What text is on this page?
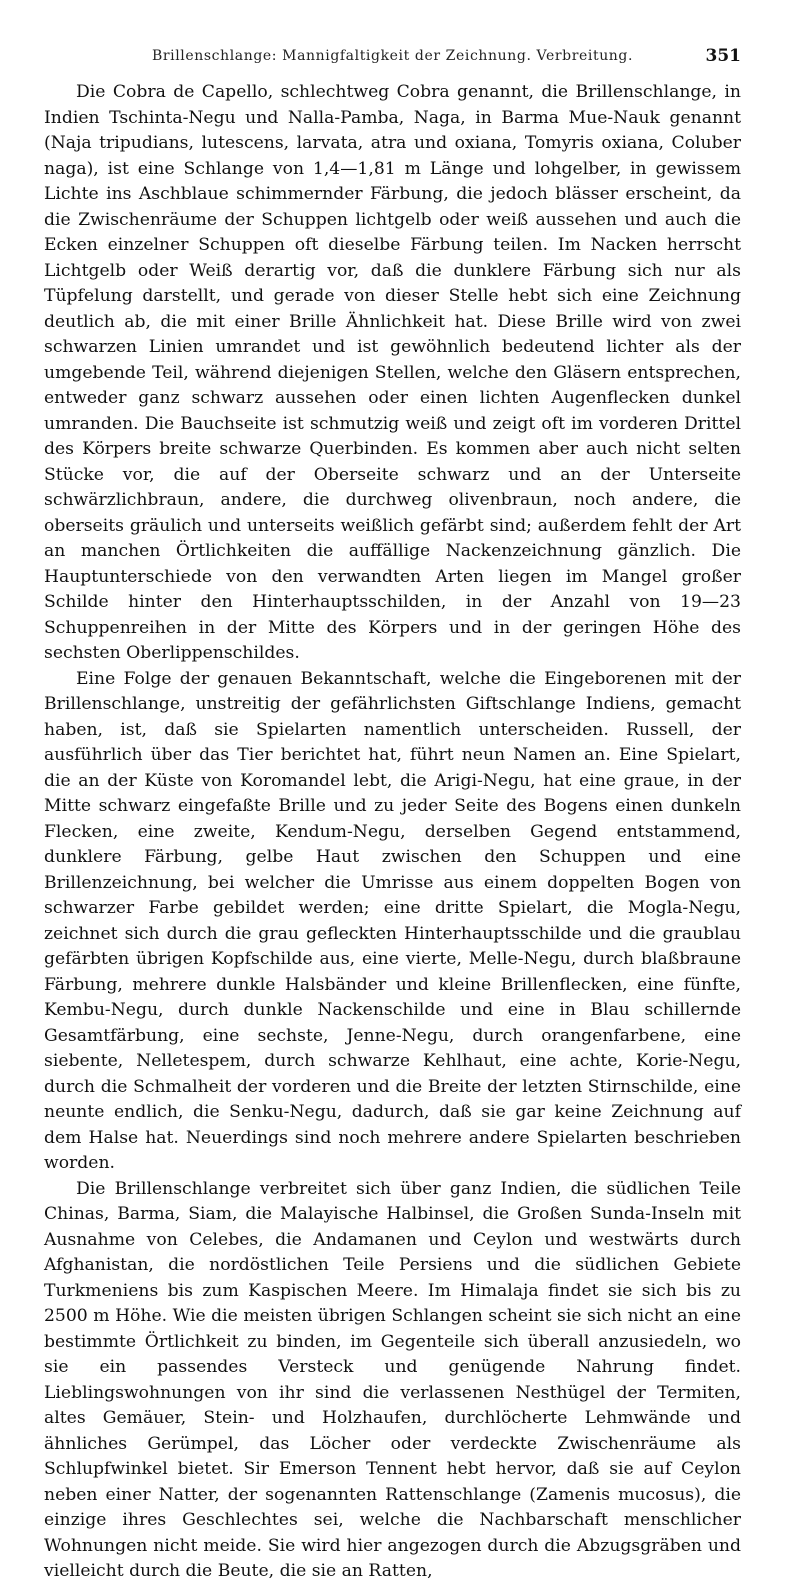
Brillenschlange: Mannigfaltigkeit der Zeichnung. Verbreitung.	351

Die Cobra de Capello, schlechtweg Cobra genannt, die Brillenschlange, in Indien Tschinta-Negu und Nalla-Pamba, Naga, in Barma Mue-Nauk genannt (Naja tripudians, lutescens, larvata, atra und oxiana, Tomyris oxiana, Coluber naga), ist eine Schlange von 1,4—1,81 m Länge und lohgelber, in gewissem Lichte ins Aschblaue schimmernder Färbung, die jedoch blässer erscheint, da die Zwischenräume der Schuppen lichtgelb oder weiß aussehen und auch die Ecken einzelner Schuppen oft dieselbe Färbung teilen. Im Nacken herrscht Lichtgelb oder Weiß derartig vor, daß die dunklere Färbung sich nur als Tüpfelung darstellt, und gerade von dieser Stelle hebt sich eine Zeichnung deutlich ab, die mit einer Brille Ähnlichkeit hat. Diese Brille wird von zwei schwarzen Linien umrandet und ist gewöhnlich bedeutend lichter als der umgebende Teil, während diejenigen Stellen, welche den Gläsern entsprechen, entweder ganz schwarz aussehen oder einen lichten Augenflecken dunkel umranden. Die Bauchseite ist schmutzig weiß und zeigt oft im vorderen Drittel des Körpers breite schwarze Querbinden. Es kommen aber auch nicht selten Stücke vor, die auf der Oberseite schwarz und an der Unterseite schwärzlichbraun, andere, die durchweg olivenbraun, noch andere, die oberseits gräulich und unterseits weißlich gefärbt sind; außerdem fehlt der Art an manchen Örtlichkeiten die auffällige Nackenzeichnung gänzlich. Die Hauptunterschiede von den verwandten Arten liegen im Mangel großer Schilde hinter den Hinterhauptsschilden, in der Anzahl von 19—23 Schuppenreihen in der Mitte des Körpers und in der geringen Höhe des sechsten Oberlippenschildes.

Eine Folge der genauen Bekanntschaft, welche die Eingeborenen mit der Brillenschlange, unstreitig der gefährlichsten Giftschlange Indiens, gemacht haben, ist, daß sie Spielarten namentlich unterscheiden. Russell, der ausführlich über das Tier berichtet hat, führt neun Namen an. Eine Spielart, die an der Küste von Koromandel lebt, die Arigi-Negu, hat eine graue, in der Mitte schwarz eingefaßte Brille und zu jeder Seite des Bogens einen dunkeln Flecken, eine zweite, Kendum-Negu, derselben Gegend entstammend, dunklere Färbung, gelbe Haut zwischen den Schuppen und eine Brillenzeichnung, bei welcher die Umrisse aus einem doppelten Bogen von schwarzer Farbe gebildet werden; eine dritte Spielart, die Mogla-Negu, zeichnet sich durch die grau gefleckten Hinterhauptsschilde und die graublau gefärbten übrigen Kopfschilde aus, eine vierte, Melle-Negu, durch blaßbraune Färbung, mehrere dunkle Halsbänder und kleine Brillenflecken, eine fünfte, Kembu-Negu, durch dunkle Nackenschilde und eine in Blau schillernde Gesamtfärbung, eine sechste, Jenne-Negu, durch orangenfarbene, eine siebente, Nelletespem, durch schwarze Kehlhaut, eine achte, Korie-Negu, durch die Schmalheit der vorderen und die Breite der letzten Stirnschilde, eine neunte endlich, die Senku-Negu, dadurch, daß sie gar keine Zeichnung auf dem Halse hat. Neuerdings sind noch mehrere andere Spielarten beschrieben worden.

Die Brillenschlange verbreitet sich über ganz Indien, die südlichen Teile Chinas, Barma, Siam, die Malayische Halbinsel, die Großen Sunda-Inseln mit Ausnahme von Celebes, die Andamanen und Ceylon und westwärts durch Afghanistan, die nordöstlichen Teile Persiens und die südlichen Gebiete Turkmeniens bis zum Kaspischen Meere. Im Himalaja findet sie sich bis zu 2500 m Höhe. Wie die meisten übrigen Schlangen scheint sie sich nicht an eine bestimmte Örtlichkeit zu binden, im Gegenteile sich überall anzusiedeln, wo sie ein passendes Versteck und genügende Nahrung findet. Lieblingswohnungen von ihr sind die verlassenen Nesthügel der Termiten, altes Gemäuer, Stein- und Holzhaufen, durchlöcherte Lehmwände und ähnliches Gerümpel, das Löcher oder verdeckte Zwischenräume als Schlupfwinkel bietet. Sir Emerson Tennent hebt hervor, daß sie auf Ceylon neben einer Natter, der sogenannten Rattenschlange (Zamenis mucosus), die einzige ihres Geschlechtes sei, welche die Nachbarschaft menschlicher Wohnungen nicht meide. Sie wird hier angezogen durch die Abzugsgräben und vielleicht durch die Beute, die sie an Ratten,
